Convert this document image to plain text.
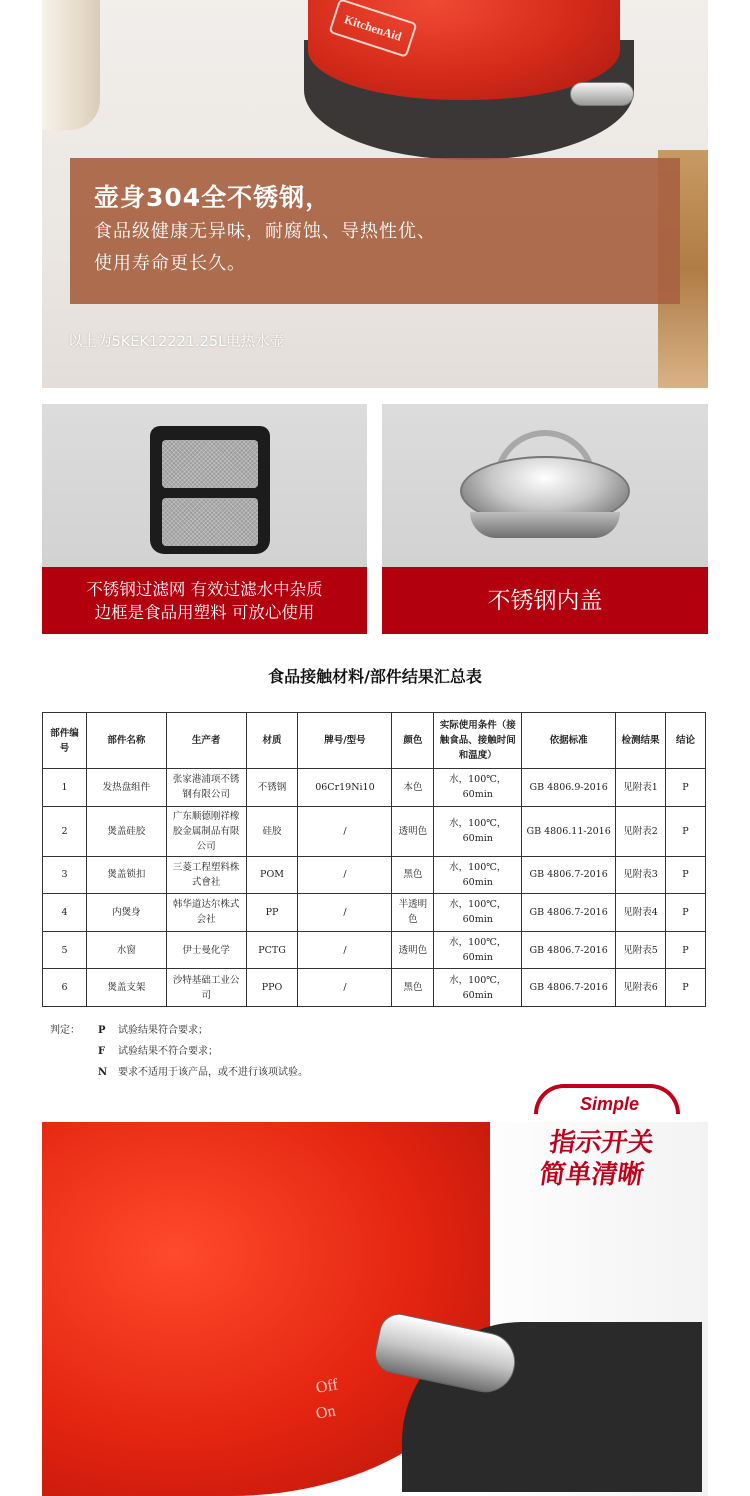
KitchenAid
壶身304全不锈钢，

食品级健康无异味，耐腐蚀、导热性优、

使用寿命更长久。

以上为5KEK12221.25L电热水壶
不锈钢过滤网 有效过滤水中杂质
边框是食品用塑料 可放心使用	不锈钢内盖
食品接触材料/部件结果汇总表
部件编号	部件名称	生产者	材质	牌号/型号	颜色	实际使用条件（接触食品、接触时间和温度）	依据标准	检测结果	结论
1	发热盘组件	张家港浦项不锈钢有限公司	不锈钢	06Cr19Ni10	本色	水，100℃，60min	GB 4806.9-2016	见附表1	P
2	煲盖硅胶	广东顺德刚祥橡胶金属制品有限公司	硅胶	/	透明色	水，100℃，60min	GB 4806.11-2016	见附表2	P
3	煲盖锁扣	三菱工程塑料株式會社	POM	/	黑色	水，100℃，60min	GB 4806.7-2016	见附表3	P
4	内煲身	韩华道达尔株式会社	PP	/	半透明色	水，100℃，60min	GB 4806.7-2016	见附表4	P
5	水窗	伊士曼化学	PCTG	/	透明色	水，100℃，60min	GB 4806.7-2016	见附表5	P
6	煲盖支架	沙特基础工业公司	PPO	/	黑色	水，100℃，60min	GB 4806.7-2016	见附表6	P
判定：	P	试验结果符合要求；
F	试验结果不符合要求；
N	要求不适用于该产品，或不进行该项试验。
Off
On
Simple
指示开关
简单清晰
